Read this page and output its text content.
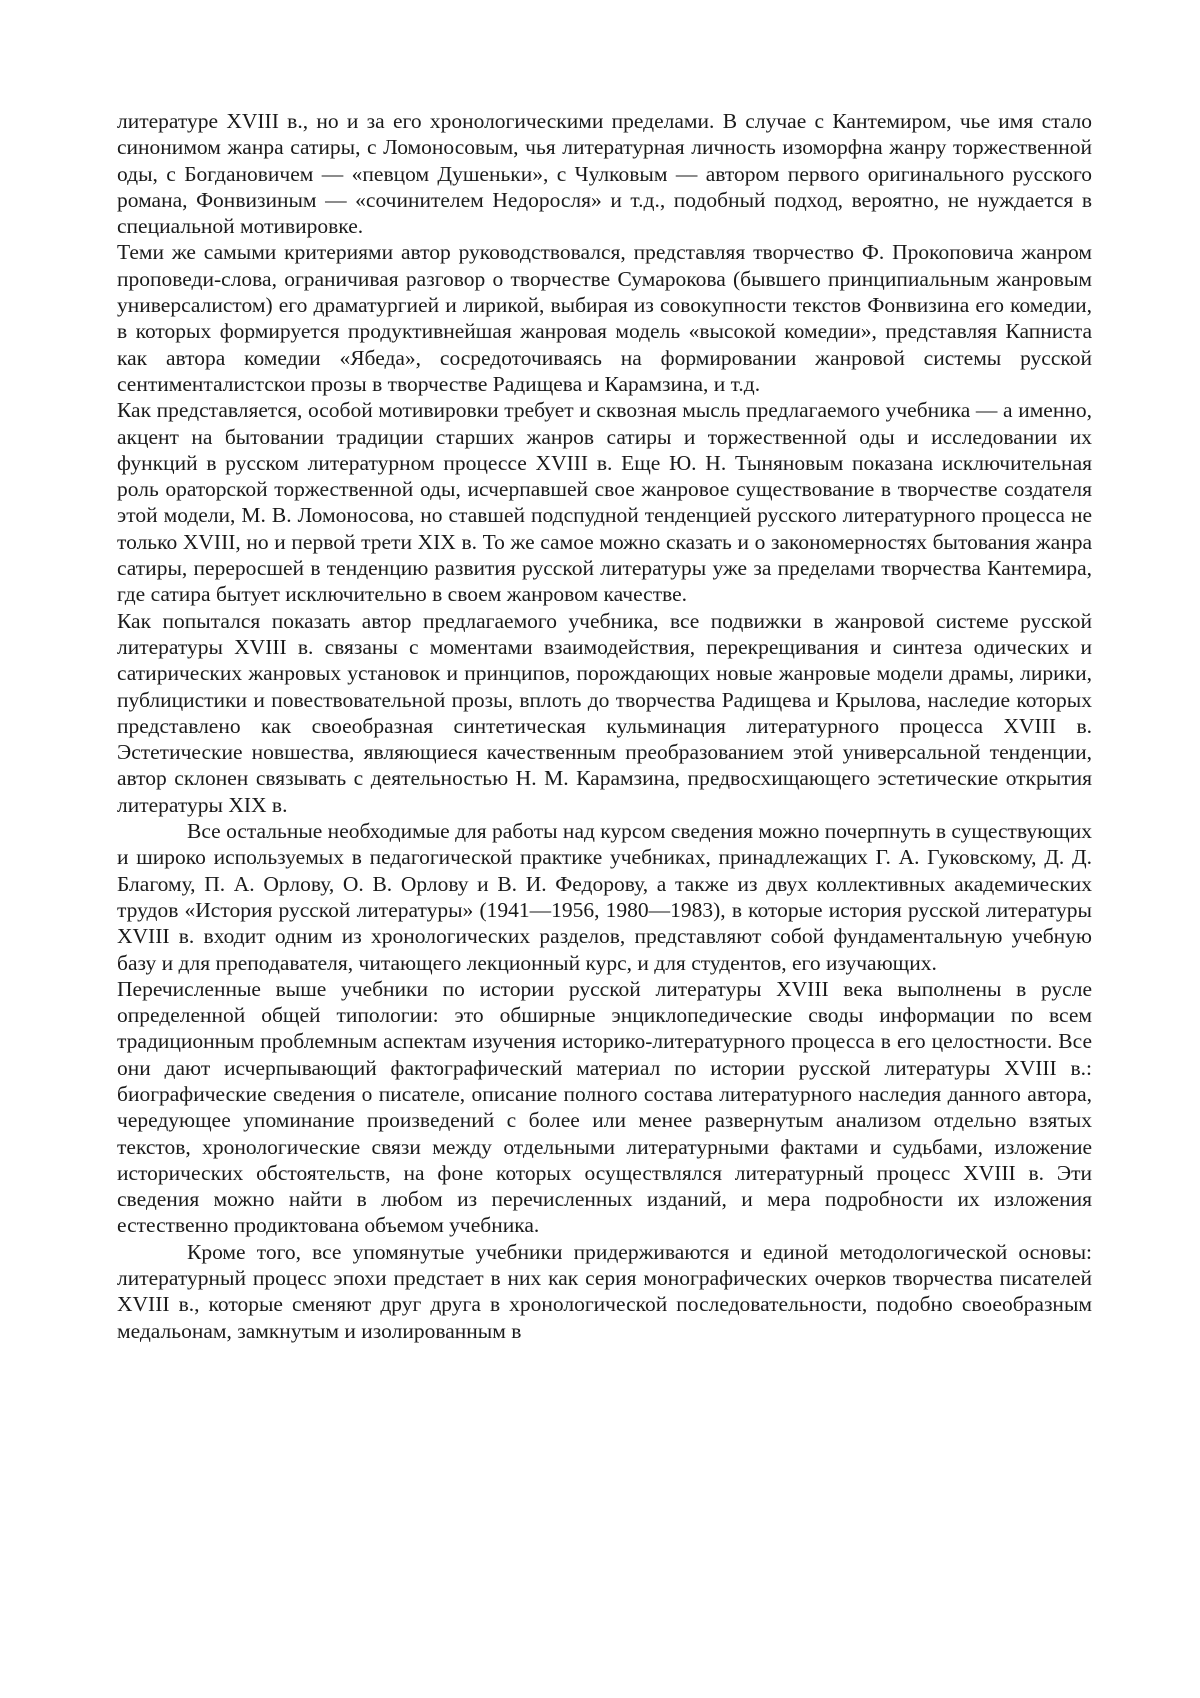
литературе XVIII в., но и за его хронологическими пределами. В случае с Кантемиром, чье имя стало синонимом жанра сатиры, с Ломоносовым, чья литературная личность изоморфна жанру торжественной оды, с Богдановичем — «певцом Душеньки», с Чулковым — автором первого оригинального русского романа, Фонвизиным — «сочинителем Недоросля» и т.д., подобный подход, вероятно, не нуждается в специальной мотивировке.

Теми же самыми критериями автор руководствовался, представляя творчество Ф. Прокоповича жанром проповеди-слова, ограничивая разговор о творчестве Сумарокова (бывшего принципиальным жанровым универсалистом) его драматургией и лирикой, выбирая из совокупности текстов Фонвизина его комедии, в которых формируется продуктивнейшая жанровая модель «высокой комедии», представляя Капниста как автора комедии «Ябеда», сосредоточиваясь на формировании жанровой системы русской сентименталистскои прозы в творчестве Радищева и Карамзина, и т.д.

Как представляется, особой мотивировки требует и сквозная мысль предлагаемого учебника — а именно, акцент на бытовании традиции старших жанров сатиры и торжественной оды и исследовании их функций в русском литературном процессе XVIII в. Еще Ю. Н. Тыняновым показана исключительная роль ораторской торжественной оды, исчерпавшей свое жанровое существование в творчестве создателя этой модели, М. В. Ломоносова, но ставшей подспудной тенденцией русского литературного процесса не только XVIII, но и первой трети XIX в. То же самое можно сказать и о закономерностях бытования жанра сатиры, переросшей в тенденцию развития русской литературы уже за пределами творчества Кантемира, где сатира бытует исключительно в своем жанровом качестве.

Как попытался показать автор предлагаемого учебника, все подвижки в жанровой системе русской литературы XVIII в. связаны с моментами взаимодействия, перекрещивания и синтеза одических и сатирических жанровых установок и принципов, порождающих новые жанровые модели драмы, лирики, публицистики и повествовательной прозы, вплоть до творчества Радищева и Крылова, наследие которых представлено как своеобразная синтетическая кульминация литературного процесса XVIII в. Эстетические новшества, являющиеся качественным преобразованием этой универсальной тенденции, автор склонен связывать с деятельностью Н. М. Карамзина, предвосхищающего эстетические открытия литературы XIX в.

Все остальные необходимые для работы над курсом сведения можно почерпнуть в существующих и широко используемых в педагогической практике учебниках, принадлежащих Г. А. Гуковскому, Д. Д. Благому, П. А. Орлову, О. В. Орлову и В. И. Федорову, а также из двух коллективных академических трудов «История русской литературы» (1941—1956, 1980—1983), в которые история русской литературы XVIII в. входит одним из хронологических разделов, представляют собой фундаментальную учебную базу и для преподавателя, читающего лекционный курс, и для студентов, его изучающих.

Перечисленные выше учебники по истории русской литературы XVIII века выполнены в русле определенной общей типологии: это обширные энциклопедические своды информации по всем традиционным проблемным аспектам изучения историко-литературного процесса в его целостности. Все они дают исчерпывающий фактографический материал по истории русской литературы XVIII в.: биографические сведения о писателе, описание полного состава литературного наследия данного автора, чередующее упоминание произведений с более или менее развернутым анализом отдельно взятых текстов, хронологические связи между отдельными литературными фактами и судьбами, изложение исторических обстоятельств, на фоне которых осуществлялся литературный процесс XVIII в. Эти сведения можно найти в любом из перечисленных изданий, и мера подробности их изложения естественно продиктована объемом учебника.

Кроме того, все упомянутые учебники придерживаются и единой методологической основы: литературный процесс эпохи предстает в них как серия монографических очерков творчества писателей XVIII в., которые сменяют друг друга в хронологической последовательности, подобно своеобразным медальонам, замкнутым и изолированным в
